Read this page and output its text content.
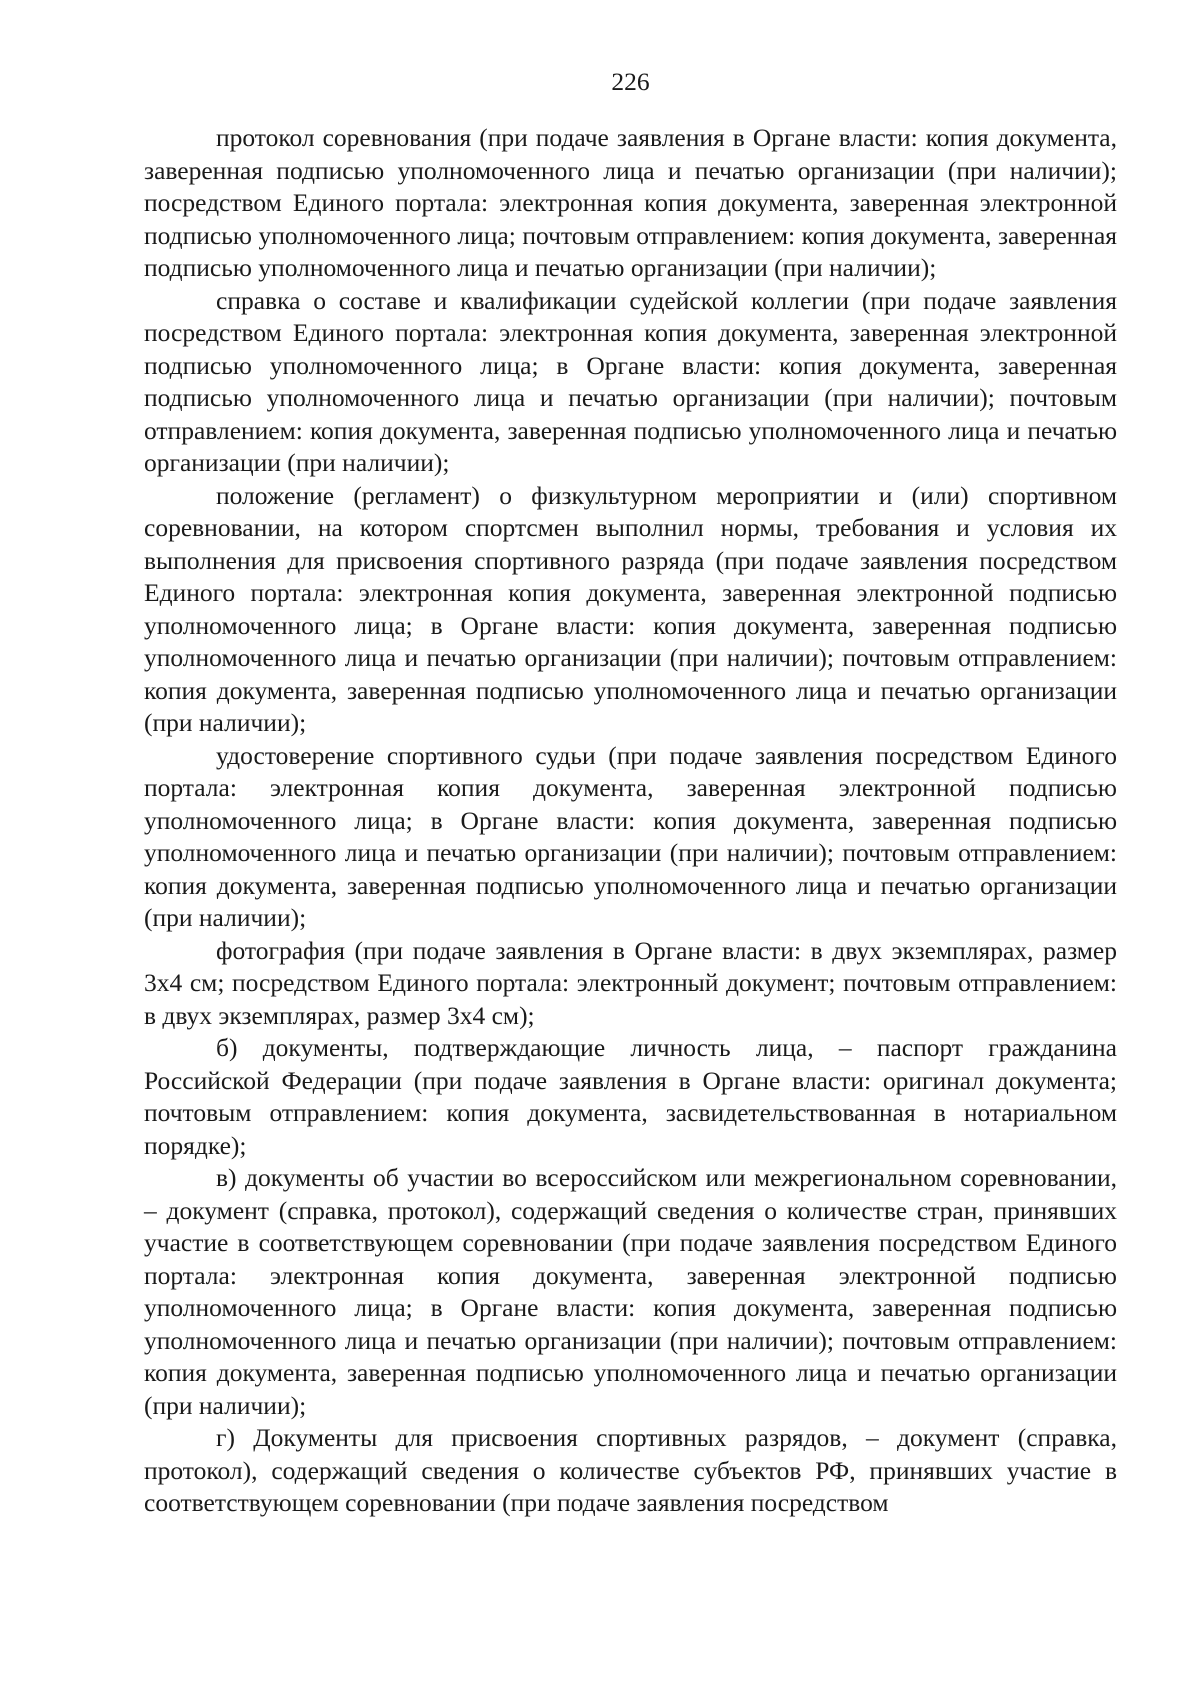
226

протокол соревнования (при подаче заявления в Органе власти: копия документа, заверенная подписью уполномоченного лица и печатью организации (при наличии); посредством Единого портала: электронная копия документа, заверенная электронной подписью уполномоченного лица; почтовым отправлением: копия документа, заверенная подписью уполномоченного лица и печатью организации (при наличии);

справка о составе и квалификации судейской коллегии (при подаче заявления посредством Единого портала: электронная копия документа, заверенная электронной подписью уполномоченного лица; в Органе власти: копия документа, заверенная подписью уполномоченного лица и печатью организации (при наличии); почтовым отправлением: копия документа, заверенная подписью уполномоченного лица и печатью организации (при наличии);

положение (регламент) о физкультурном мероприятии и (или) спортивном соревновании, на котором спортсмен выполнил нормы, требования и условия их выполнения для присвоения спортивного разряда (при подаче заявления посредством Единого портала: электронная копия документа, заверенная электронной подписью уполномоченного лица; в Органе власти: копия документа, заверенная подписью уполномоченного лица и печатью организации (при наличии); почтовым отправлением: копия документа, заверенная подписью уполномоченного лица и печатью организации (при наличии);

удостоверение спортивного судьи (при подаче заявления посредством Единого портала: электронная копия документа, заверенная электронной подписью уполномоченного лица; в Органе власти: копия документа, заверенная подписью уполномоченного лица и печатью организации (при наличии); почтовым отправлением: копия документа, заверенная подписью уполномоченного лица и печатью организации (при наличии);

фотография (при подаче заявления в Органе власти: в двух экземплярах, размер 3х4 см; посредством Единого портала: электронный документ; почтовым отправлением: в двух экземплярах, размер 3х4 см);

б) документы, подтверждающие личность лица, – паспорт гражданина Российской Федерации (при подаче заявления в Органе власти: оригинал документа; почтовым отправлением: копия документа, засвидетельствованная в нотариальном порядке);

в) документы об участии во всероссийском или межрегиональном соревновании, – документ (справка, протокол), содержащий сведения о количестве стран, принявших участие в соответствующем соревновании (при подаче заявления посредством Единого портала: электронная копия документа, заверенная электронной подписью уполномоченного лица; в Органе власти: копия документа, заверенная подписью уполномоченного лица и печатью организации (при наличии); почтовым отправлением: копия документа, заверенная подписью уполномоченного лица и печатью организации (при наличии);

г) Документы для присвоения спортивных разрядов, – документ (справка, протокол), содержащий сведения о количестве субъектов РФ, принявших участие в соответствующем соревновании (при подаче заявления посредством
